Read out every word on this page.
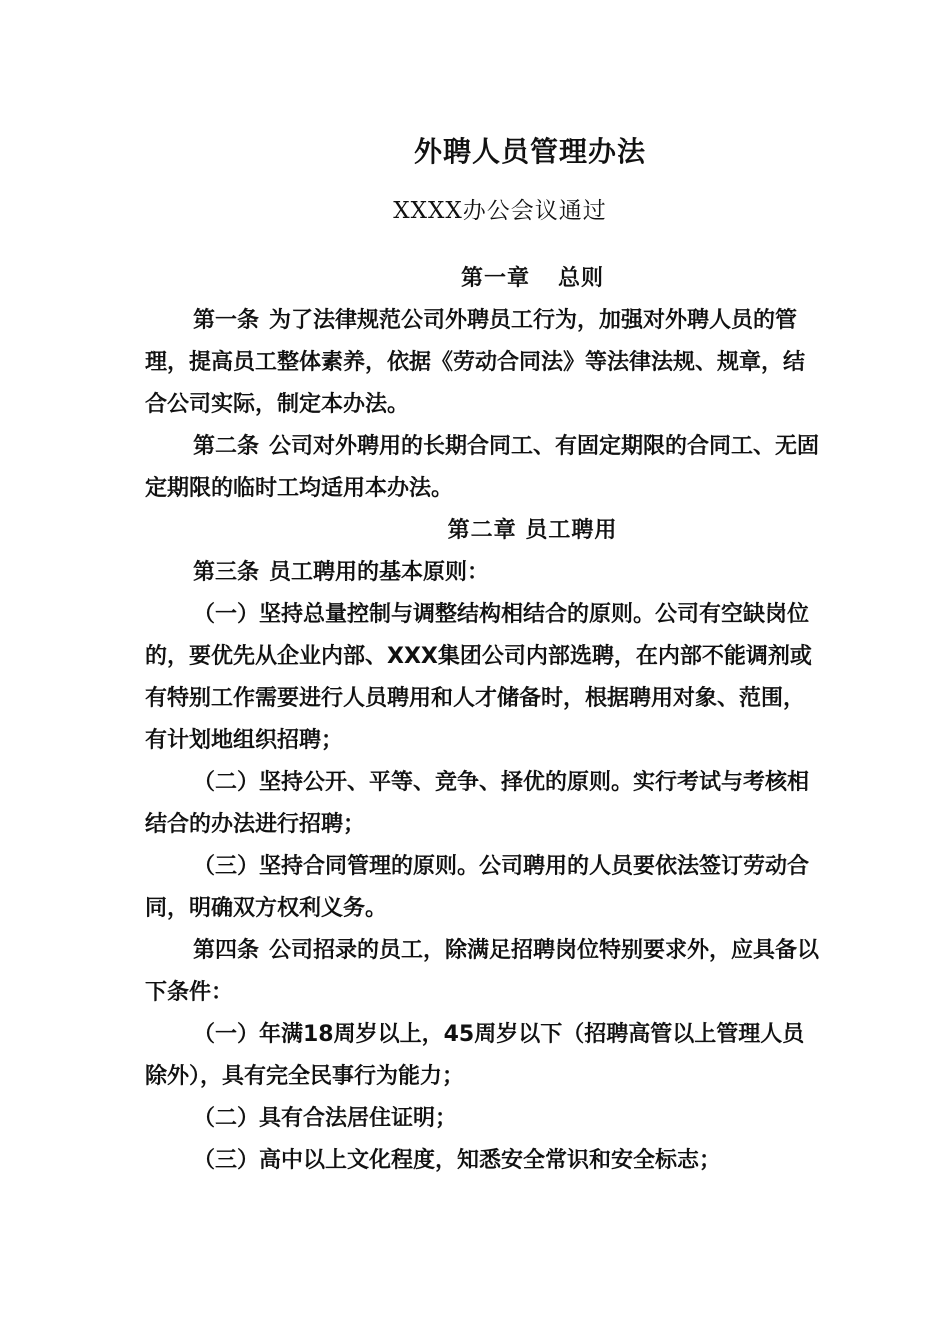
外聘人员管理办法
XXXX办公会议通过
第一章 总则

第一条 为了法律规范公司外聘员工行为，加强对外聘人员的管理，提高员工整体素养，依据《劳动合同法》等法律法规、规章，结合公司实际，制定本办法。

第二条 公司对外聘用的长期合同工、有固定期限的合同工、无固定期限的临时工均适用本办法。

第二章 员工聘用

第三条 员工聘用的基本原则：

（一）坚持总量控制与调整结构相结合的原则。公司有空缺岗位的，要优先从企业内部、XXX集团公司内部选聘，在内部不能调剂或有特别工作需要进行人员聘用和人才储备时，根据聘用对象、范围，有计划地组织招聘；

（二）坚持公开、平等、竞争、择优的原则。实行考试与考核相结合的办法进行招聘；

（三）坚持合同管理的原则。公司聘用的人员要依法签订劳动合同，明确双方权利义务。

第四条 公司招录的员工，除满足招聘岗位特别要求外，应具备以下条件：

（一）年满18周岁以上，45周岁以下（招聘高管以上管理人员除外），具有完全民事行为能力；

（二）具有合法居住证明；

（三）高中以上文化程度，知悉安全常识和安全标志；
